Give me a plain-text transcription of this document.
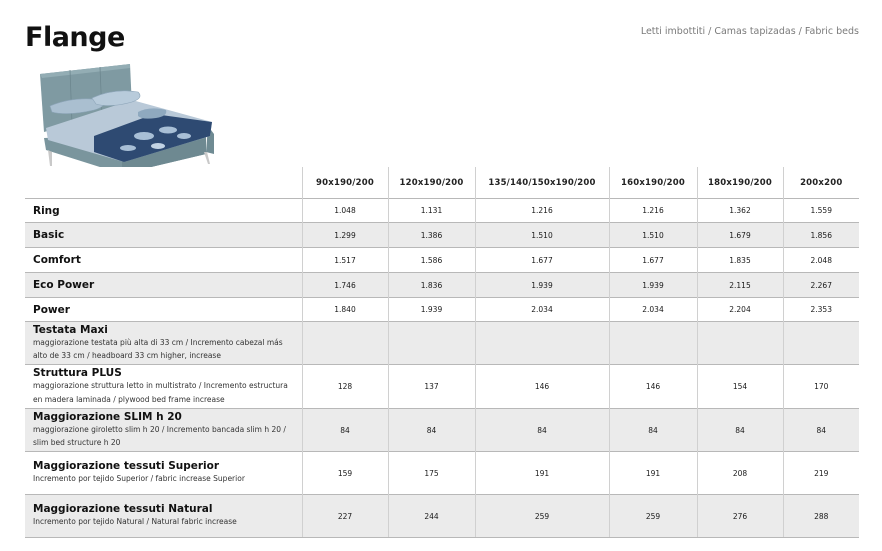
Flange	Letti imbottiti / Camas tapizadas / Fabric beds
	90x190/200	120x190/200	135/140/150x190/200	160x190/200	180x190/200	200x200

Ring	1.048	1.131	1.216	1.216	1.362	1.559

Basic	1.299	1.386	1.510	1.510	1.679	1.856

Comfort	1.517	1.586	1.677	1.677	1.835	2.048

Eco Power	1.746	1.836	1.939	1.939	2.115	2.267

Power	1.840	1.939	2.034	2.034	2.204	2.353

Testata Maxi
maggiorazione testata più alta di 33 cm / Incremento cabezal más alto de 33 cm / headboard 33 cm higher, increase						

Struttura PLUS
maggiorazione struttura letto in multistrato / Incremento estructura en madera laminada / plywood bed frame increase	128	137	146	146	154	170

Maggiorazione SLIM h 20
maggiorazione giroletto slim h 20 / Incremento bancada slim h 20 / slim bed structure h 20	84	84	84	84	84	84

Maggiorazione tessuti Superior
Incremento por tejido Superior / fabric increase Superior	159	175	191	191	208	219

Maggiorazione tessuti Natural
Incremento por tejido Natural / Natural fabric increase	227	244	259	259	276	288
